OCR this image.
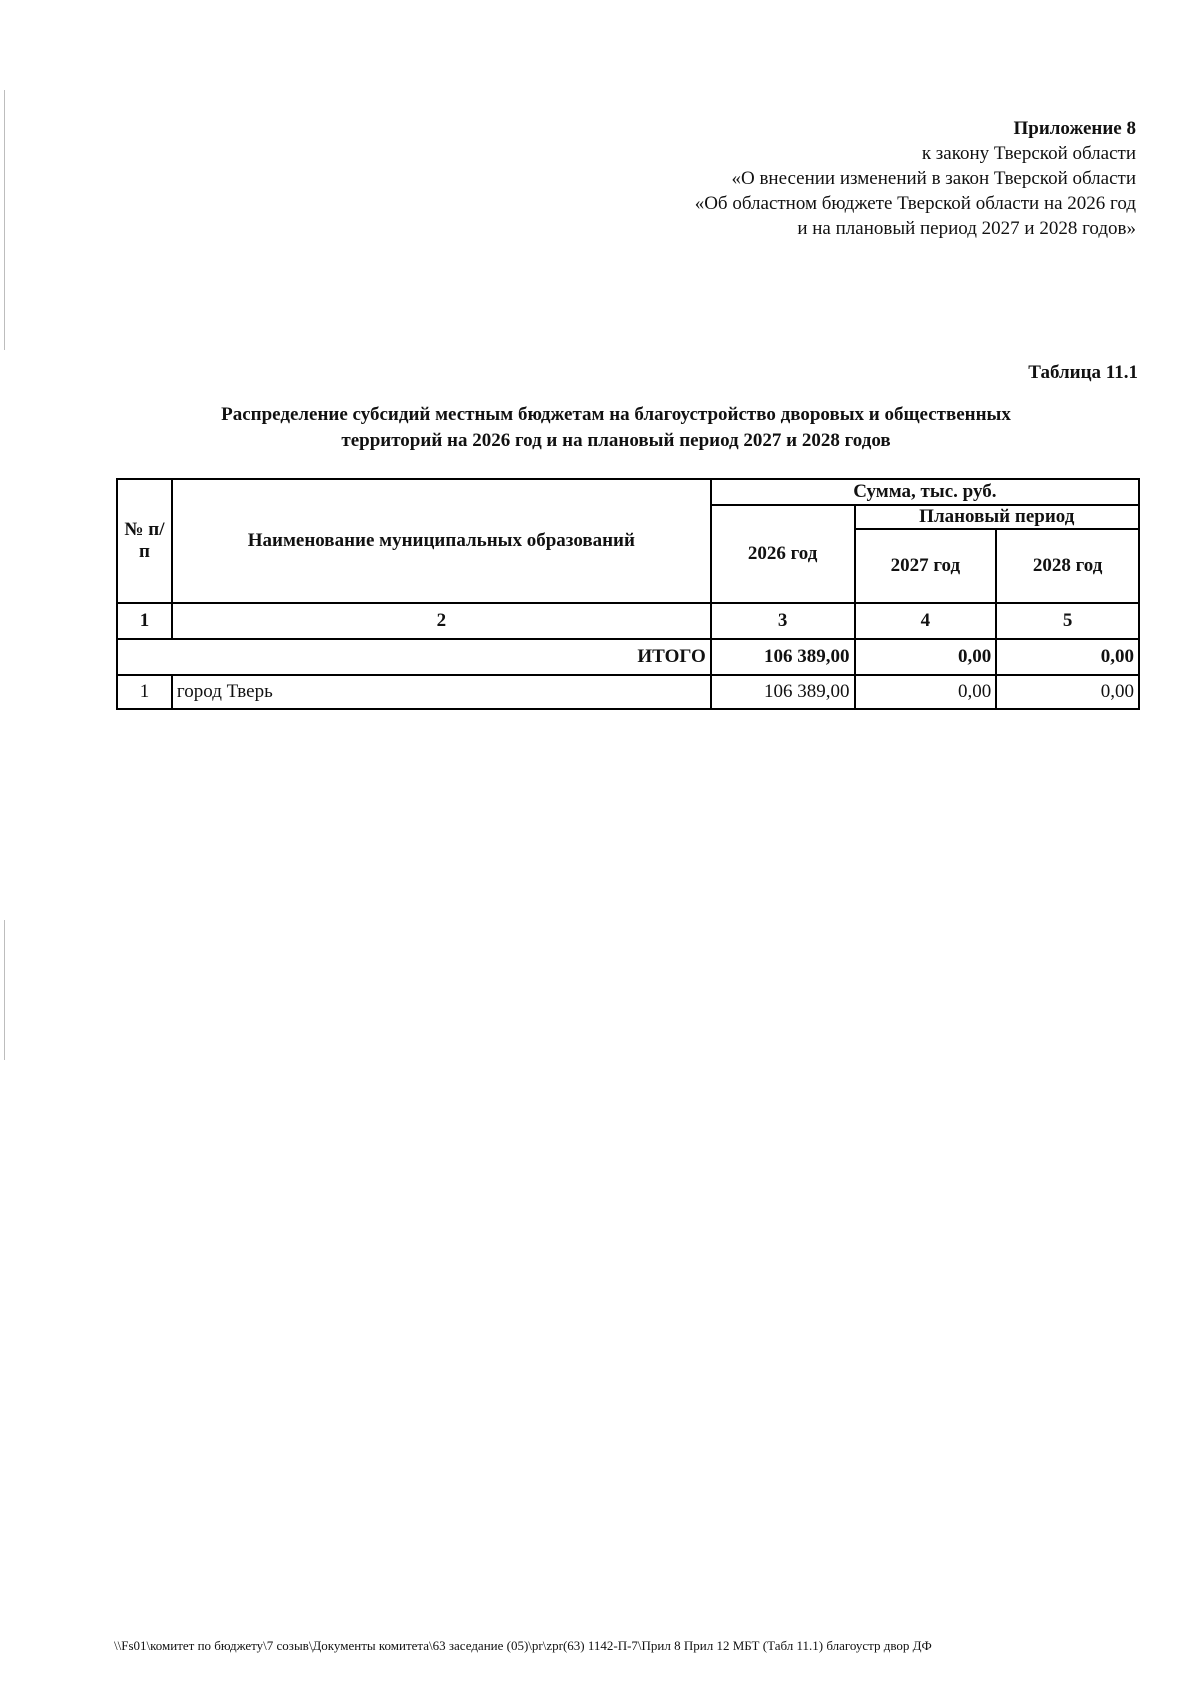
Приложение 8
к закону Тверской области
«О внесении изменений в закон Тверской области
«Об областном бюджете Тверской области на 2026 год
и на плановый период 2027 и 2028 годов»
Таблица 11.1
Распределение субсидий местным бюджетам на благоустройство дворовых и общественных
территорий на 2026 год и на плановый период 2027 и 2028 годов
№ п/п	Наименование муниципальных образований	Сумма, тыс. руб.		
		2026 год	Плановый период	
			2027 год	2028 год
1	2	3	4	5
ИТОГО		106 389,00	0,00	0,00
1	город Тверь	106 389,00	0,00	0,00
\\Fs01\комитет по бюджету\7 созыв\Документы комитета\63 заседание (05)\pr\zpr(63) 1142-П-7\Прил 8 Прил 12 МБТ (Табл 11.1) благоустр двор ДФ
